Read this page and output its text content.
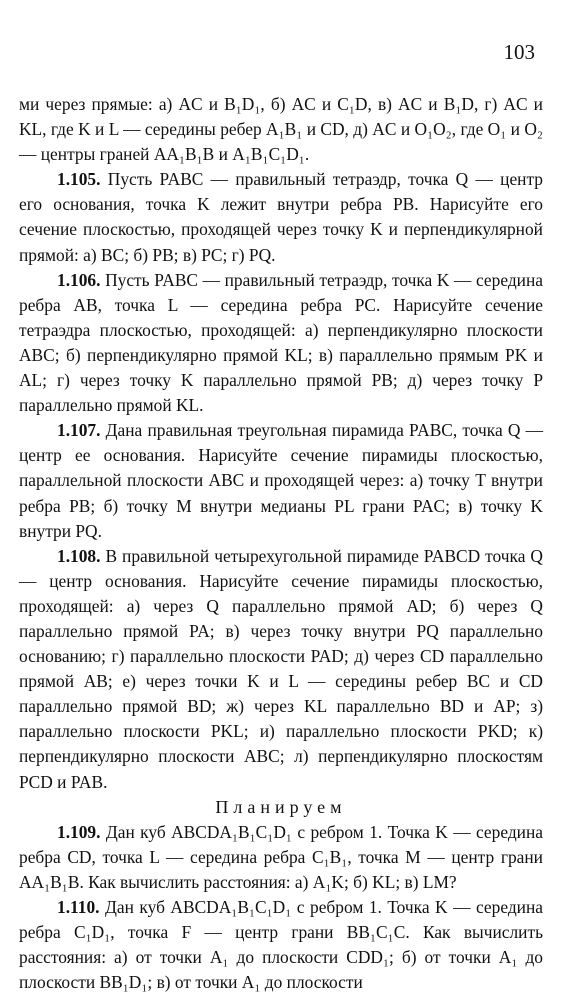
103

ми через прямые: а) AC и B₁D₁, б) AC и C₁D, в) AC и B₁D, г) AC и KL, где K и L — середины ребер A₁B₁ и CD, д) AC и O₁O₂, где O₁ и O₂ — центры граней AA₁B₁B и A₁B₁C₁D₁.

1.105. Пусть PABC — правильный тетраэдр, точка Q — центр его основания, точка K лежит внутри ребра PB. Нарисуйте его сечение плоскостью, проходящей через точку K и перпендикулярной прямой: а) BC; б) PB; в) PC; г) PQ.

1.106. Пусть PABC — правильный тетраэдр, точка K — середина ребра AB, точка L — середина ребра PC. Нарисуйте сечение тетраэдра плоскостью, проходящей: а) перпендикулярно плоскости ABC; б) перпендикулярно прямой KL; в) параллельно прямым PK и AL; г) через точку K параллельно прямой PB; д) через точку P параллельно прямой KL.

1.107. Дана правильная треугольная пирамида PABC, точка Q — центр ее основания. Нарисуйте сечение пирамиды плоскостью, параллельной плоскости ABC и проходящей через: а) точку T внутри ребра PB; б) точку M внутри медианы PL грани PAC; в) точку K внутри PQ.

1.108. В правильной четырехугольной пирамиде PABCD точка Q — центр основания. Нарисуйте сечение пирамиды плоскостью, проходящей: а) через Q параллельно прямой AD; б) через Q параллельно прямой PA; в) через точку внутри PQ параллельно основанию; г) параллельно плоскости PAD; д) через CD параллельно прямой AB; е) через точки K и L — середины ребер BC и CD параллельно прямой BD; ж) через KL параллельно BD и AP; з) параллельно плоскости PKL; и) параллельно плоскости PKD; к) перпендикулярно плоскости ABC; л) перпендикулярно плоскостям PCD и PAB.

Планируем

1.109. Дан куб ABCDA₁B₁C₁D₁ с ребром 1. Точка K — середина ребра CD, точка L — середина ребра C₁B₁, точка M — центр грани AA₁B₁B. Как вычислить расстояния: а) A₁K; б) KL; в) LM?

1.110. Дан куб ABCDA₁B₁C₁D₁ с ребром 1. Точка K — середина ребра C₁D₁, точка F — центр грани BB₁C₁C. Как вычислить расстояния: а) от точки A₁ до плоскости CDD₁; б) от точки A₁ до плоскости BB₁D₁; в) от точки A₁ до плоскости
